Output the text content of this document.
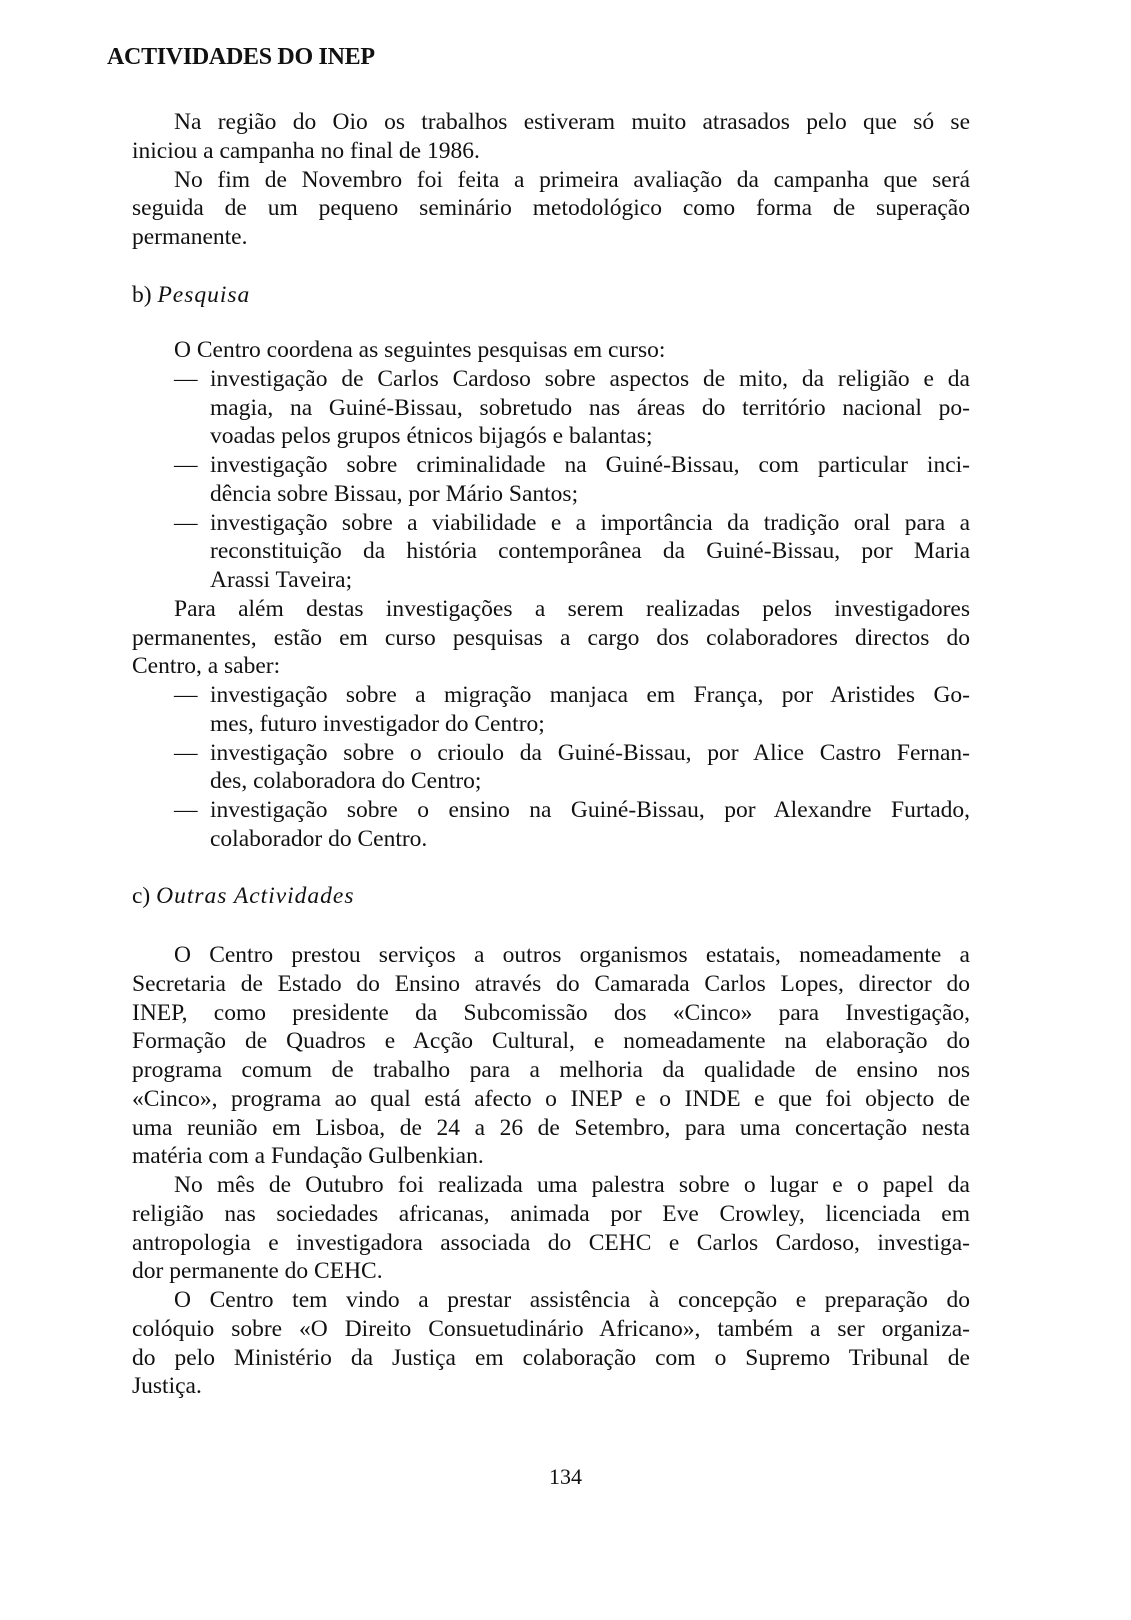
ACTIVIDADES DO INEP
Na região do Oio os trabalhos estiveram muito atrasados pelo que só se
iniciou a campanha no final de 1986.
No fim de Novembro foi feita a primeira avaliação da campanha que será
seguida de um pequeno seminário metodológico como forma de superação
permanente.
b) Pesquisa
O Centro coordena as seguintes pesquisas em curso:
— investigação de Carlos Cardoso sobre aspectos de mito, da religião e da
magia, na Guiné-Bissau, sobretudo nas áreas do território nacional po-
voadas pelos grupos étnicos bijagós e balantas;
— investigação sobre criminalidade na Guiné-Bissau, com particular inci-
dência sobre Bissau, por Mário Santos;
— investigação sobre a viabilidade e a importância da tradição oral para a
reconstituição da história contemporânea da Guiné-Bissau, por Maria
Arassi Taveira;
Para além destas investigações a serem realizadas pelos investigadores
permanentes, estão em curso pesquisas a cargo dos colaboradores directos do
Centro, a saber:
— investigação sobre a migração manjaca em França, por Aristides Go-
mes, futuro investigador do Centro;
— investigação sobre o crioulo da Guiné-Bissau, por Alice Castro Fernan-
des, colaboradora do Centro;
— investigação sobre o ensino na Guiné-Bissau, por Alexandre Furtado,
colaborador do Centro.
c) Outras Actividades
O Centro prestou serviços a outros organismos estatais, nomeadamente a
Secretaria de Estado do Ensino através do Camarada Carlos Lopes, director do
INEP, como presidente da Subcomissão dos «Cinco» para Investigação,
Formação de Quadros e Acção Cultural, e nomeadamente na elaboração do
programa comum de trabalho para a melhoria da qualidade de ensino nos
«Cinco», programa ao qual está afecto o INEP e o INDE e que foi objecto de
uma reunião em Lisboa, de 24 a 26 de Setembro, para uma concertação nesta
matéria com a Fundação Gulbenkian.
No mês de Outubro foi realizada uma palestra sobre o lugar e o papel da
religião nas sociedades africanas, animada por Eve Crowley, licenciada em
antropologia e investigadora associada do CEHC e Carlos Cardoso, investiga-
dor permanente do CEHC.
O Centro tem vindo a prestar assistência à concepção e preparação do
colóquio sobre «O Direito Consuetudinário Africano», também a ser organiza-
do pelo Ministério da Justiça em colaboração com o Supremo Tribunal de
Justiça.
134
